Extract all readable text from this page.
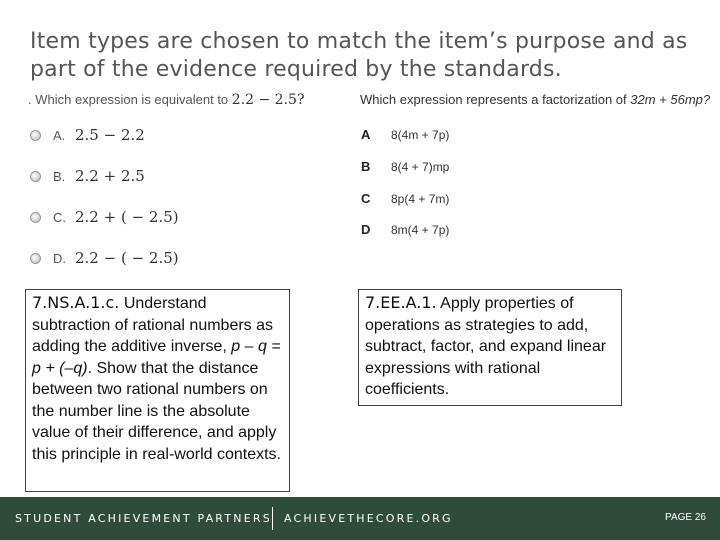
Item types are chosen to match the item’s purpose and as part of the evidence required by the standards.
. Which expression is equivalent to 2.2 − 2.5?
A. 2.5 − 2.2
B. 2.2 + 2.5
C. 2.2 + ( − 2.5)
D. 2.2 − ( − 2.5)
Which expression represents a factorization of 32m + 56mp?
A	8(4m + 7p)
B	8(4 + 7)mp
C	8p(4 + 7m)
D	8m(4 + 7p)
7.NS.A.1.c. Understand subtraction of rational numbers as adding the additive inverse, p – q = p + (–q). Show that the distance between two rational numbers on the number line is the absolute value of their difference, and apply this principle in real-world contexts.
7.EE.A.1. Apply properties of operations as strategies to add, subtract, factor, and expand linear expressions with rational coefficients.
STUDENT ACHIEVEMENT PARTNERS ACHIEVETHECORE.ORG	PAGE 26
